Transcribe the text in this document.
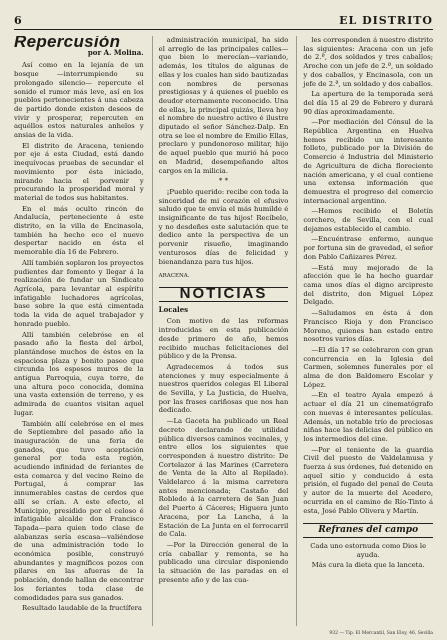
6	EL DISTRITO
Repercusión
por A. Molina.

Así como en la lejanía de un bosque —interrumpiendo su prolongado silencio— repercute el sonido el rumor más leve, así en los pueblos pertenecientes á una cabeza de partido donde existen deseos de vivir y prosperar, repercuten en aquéllos estos naturales anhelos y ansias de la vida.

El distrito de Aracena, teniendo por eje á esta Ciudad, está dando inequívocas pruebas de secundar el movimiento por ésta iniciado, mirando hacia el porvenir y procurando la prosperidad moral y material de todos sus habitantes.

En el más oculto rincón de Andalucía, perteneciente á este distrito, en la villa de Encinasola, también ha hecho eco el nuevo despertar nacido en ésta el memorable día 16 de Febrero.

Allí también soplaron los proyectos pudientes dar fomento y llegar á la realización de fundar un Sindicato Agrícola, para levantar al espíritu infatigable luchadores agrícolas, base sobre la que está cimentada toda la vida de aquel trabajador y honrado pueblo.

Allí también celebróse en el pasado año la fiesta del árbol, plantándose muchos de éstos en la espaciosa plaza y bonito paseo que circunda los espesos muros de la antigua Parroquia, cuya torre, de una altura poco conocida, domina una vasta extensión de terreno, y es admirada de cuantos visitan aquel lugar.

También allí celebróse en el mes de Septiembre del pasado año la inauguración de una feria de ganados, que tuvo aceptación general por toda esta región, acudiendo infinidad de feriantes de esta comarca y del vecino Reino de Portugal, á comprar las innumerables castas de cerdos que allí se crían. A este efecto, el Municipio, presidido por el celoso é infatigable alcalde don Francisco Tapada—para quien todo clase de alabanzas sería escasa—valiéndose de una administración todo lo económica posible, construyó abundantes y magníficos pozos con pilares en las afueras de la población, donde hallan de encontrar los feriantes toda clase de comodidades para sus ganados.

Resultado laudable de la fructífera

administración municipal, ha sido el arreglo de las principales calles—que bien lo merecían—variando, además, los títulos de algunas de ellas y los cuales han sido bautizadas con nombres de personas prestigiosas y á quienes el pueblo es deudor eternamente reconocido. Una de ellas, la principal quizás, lleva hoy el nombre de nuestro activo é ilustre diputado el señor Sánchez-Dalp. En otra se lee el nombre de Emilio Ellas, preclaro y pundonoroso militar, hijo de aquel pueblo que murió há poco en Madrid, desempeñando altos cargos en la milicia.

* *

¡Pueblo querido: recibe con toda la sinceridad de mi corazón el efusivo saludo que te envía el más humilde é insignificante de tus hijos! Recíbelo, y no desdeñes este salutación que te dedico ante la perspectiva de un porvenir risueño, imaginando venturosos días de felicidad y bienandanza para tus hijos.

ARACENA.
NOTICIAS
Locales

Con motivo de las reformas introducidas en esta publicación desde primero de año, hemos recibido muchas felicitaciones del público y de la Prensa.

Agradecemos á todos sus atenciones y muy especialmente á nuestros queridos colegas El Liberal de Sevilla, y La Justicia, de Huelva, por las frases cariñosas que nos han dedicado.

—La Gaceta ha publicado un Real decreto declarando de utilidad pública diversos caminos vecinales, y entre ellos los siguientes que corresponden á nuestro distrito: De Cortelazor á las Marines (Carretera de Venta de la Alto al Repilado). Valdelarco á la misma carretera antes mencionada; Castaño del Robledo á la carretera de San Juan del Puerto á Cáceres; Higuera junto Aracena, por La Lancha, á la Estación de La Junta en el ferrocarril de Cala.

—Por la Dirección general de la cría caballar y remonta, se ha publicado una circular disponiendo la situación de las paradas en el presente año y de las cua-

les corresponden á nuestro distrito las siguientes: Aracena con un jefe de 2.ª, dos soldados y tres caballos; Aroche con un jefe de 2.ª, un soldado y dos caballos, y Encinasola, con un jefe de 2.ª, un soldado y dos caballos.

La apertura de la temporada será del día 15 al 29 de Febrero y durará 90 días aproximadamente.

—Por mediación del Cónsul de la República Argentina en Huelva hemos recibido un interesante folleto, publicado por la División de Comercio é Industria del Ministerio de Agricultura de dicha floreciente nación americana, y el cual contiene una extensa información que demuestra el progreso del comercio internacional argentino.

—Hemos recibido el Boletín corchero, de Sevilla, con el cual dejamos establecido el cambio.

—Encuéntrase enfermo, aunque por fortuna sin de gravedad, el señor don Pablo Cañizares Pérez.

—Está muy mejorado de la afección que le ha hecho guardar cama unos días el digno arcipreste del distrito, don Miguel López Delgado.

—Saludamos en ésta á don Francisco Rioja y don Francisco Moreno, quienes han estado entre nosotros varios días.

—El día 17 se celebraron con gran concurrencia en la Iglesia del Carmen, solemnes funerales por el alma de don Baldomero Escolar y López.

—En el teatro Ayala empezó á actuar el día 21 un cinematógrafo con nuevas é interesantes películas. Además, un notable trío de preciosas niñas hace las delicias del público en los intermedios del cine.

—Por el teniente de la guardia Civil del puesto de Valdelamusa y fuerza á sus órdenes, fué detenido en aquel sitio y conducido á esta prisión, el fugado del penal de Ceuta y autor de la muerte del Acedero, ocurrida en el camino de Río-Tinto á esta, José Pablo Olivera y Martín.

Refranes del campo

Cada uno estornuda como Dios le ayuda.

Más cura la dieta que la lanceta.

932 — Tip. El Mercantil, San Eloy, 46, Sevilla
